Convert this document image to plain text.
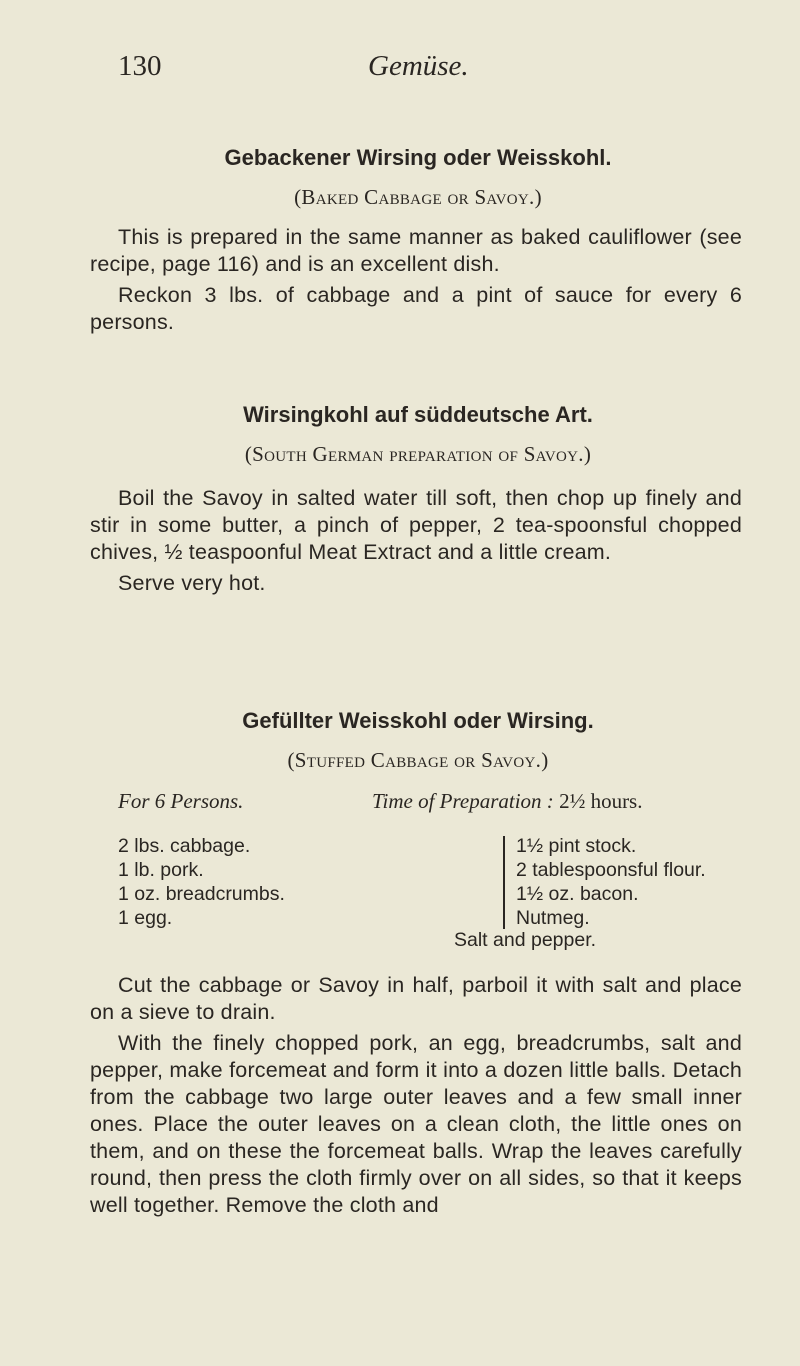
130	Gemüse.
Gebackener Wirsing oder Weisskohl.

(Baked Cabbage or Savoy.)

This is prepared in the same manner as baked cauliflower (see recipe, page 116) and is an excellent dish.

Reckon 3 lbs. of cabbage and a pint of sauce for every 6 persons.

Wirsingkohl auf süddeutsche Art.

(South German preparation of Savoy.)

Boil the Savoy in salted water till soft, then chop up finely and stir in some butter, a pinch of pepper, 2 tea-spoonsful chopped chives, ½ teaspoonful Meat Extract and a little cream.

Serve very hot.

Gefüllter Weisskohl oder Wirsing.

(Stuffed Cabbage or Savoy.)

For 6 Persons.	Time of Preparation : 2½ hours.
2 lbs. cabbage.
1 lb. pork.
1 oz. breadcrumbs.
1 egg.
1½ pint stock.
2 tablespoonsful flour.
1½ oz. bacon.
Nutmeg.
Salt and pepper.

Cut the cabbage or Savoy in half, parboil it with salt and place on a sieve to drain.

With the finely chopped pork, an egg, breadcrumbs, salt and pepper, make forcemeat and form it into a dozen little balls. Detach from the cabbage two large outer leaves and a few small inner ones. Place the outer leaves on a clean cloth, the little ones on them, and on these the forcemeat balls. Wrap the leaves carefully round, then press the cloth firmly over on all sides, so that it keeps well together. Remove the cloth and
